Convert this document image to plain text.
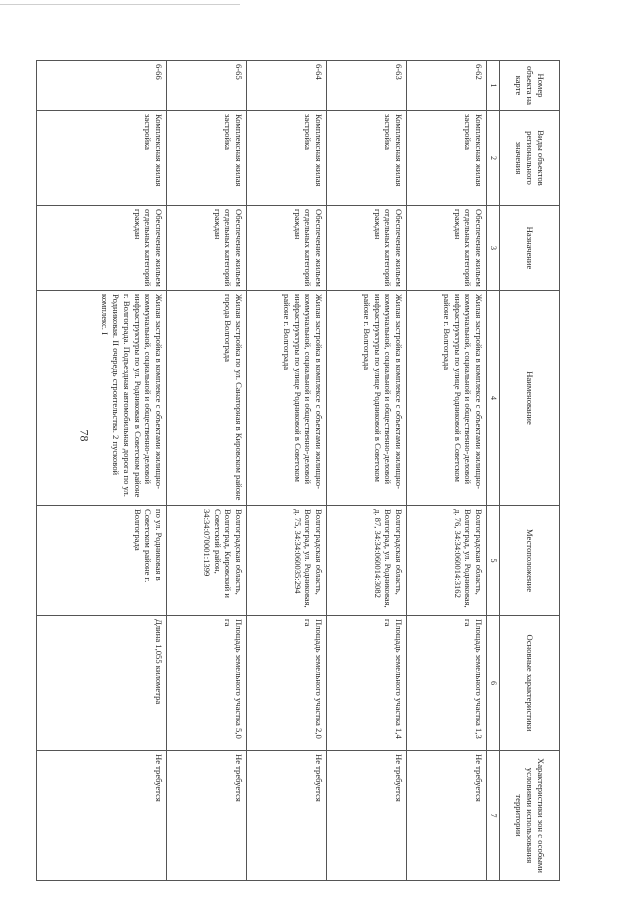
78
Номер объекта на карте	Виды объектов регионального значения	Назначение	Наименование	Местоположение	Основные характеристики	Характеристики зон с особыми условиями использования территории
1	2	3	4	5	6	7
6-62	Комплексная жилая застройка	Обеспечение жильем отдельных категорий граждан	Жилая застройка в комплексе с объектами жилищно-коммунальной, социальной и общественно-деловой инфраструктуры по улице Родниковой в Советском районе г. Волгограда	Волгоградская область, Волгоград, ул. Родниковая, д. 76, 34:34:060014:3162	Площадь земельного участка 1,3 га	Не требуется
6-63	Комплексная жилая застройка	Обеспечение жильем отдельных категорий граждан	Жилая застройка в комплексе с объектами жилищно-коммунальной, социальной и общественно-деловой инфраструктуры по улице Родниковой в Советском районе г. Волгограда	Волгоградская область, Волгоград, ул. Родниковая, д. 87, 34:34:060014:3082	Площадь земельного участка 1,4 га	Не требуется
6-64	Комплексная жилая застройка	Обеспечение жильем отдельных категорий граждан	Жилая застройка в комплексе с объектами жилищно-коммунальной, социальной и общественно-деловой инфраструктуры по улице Родниковой в Советском районе г. Волгограда	Волгоградская область, Волгоград, ул. Родниковая, д. 75, 34:34:060035:294	Площадь земельного участка 2,0 га	Не требуется
6-65	Комплексная жилая застройка	Обеспечение жильем отдельных категорий граждан	Жилая застройка по ул. Санаторная в Кировском районе города Волгограда	Волгоградская область, Волгоград, Кировский и Советский район, 34:34:070001:1399	Площадь земельного участка 5,0 га	Не требуется
6-66	Комплексная жилая застройка	Обеспечение жильем отдельных категорий граждан	Жилая застройка в комплексе с объектами жилищно-коммунальной, социальной и общественно-деловой инфраструктуры по ул. Родниковая в Советском районе г. Волгограда. Подъездная автомобильная дорога по ул. Родниковая. II очередь строительства. 2 пусковой комплекс. I	по ул. Родниковая в Советском районе г. Волгограда	Длина 1,055 километра	Не требуется
